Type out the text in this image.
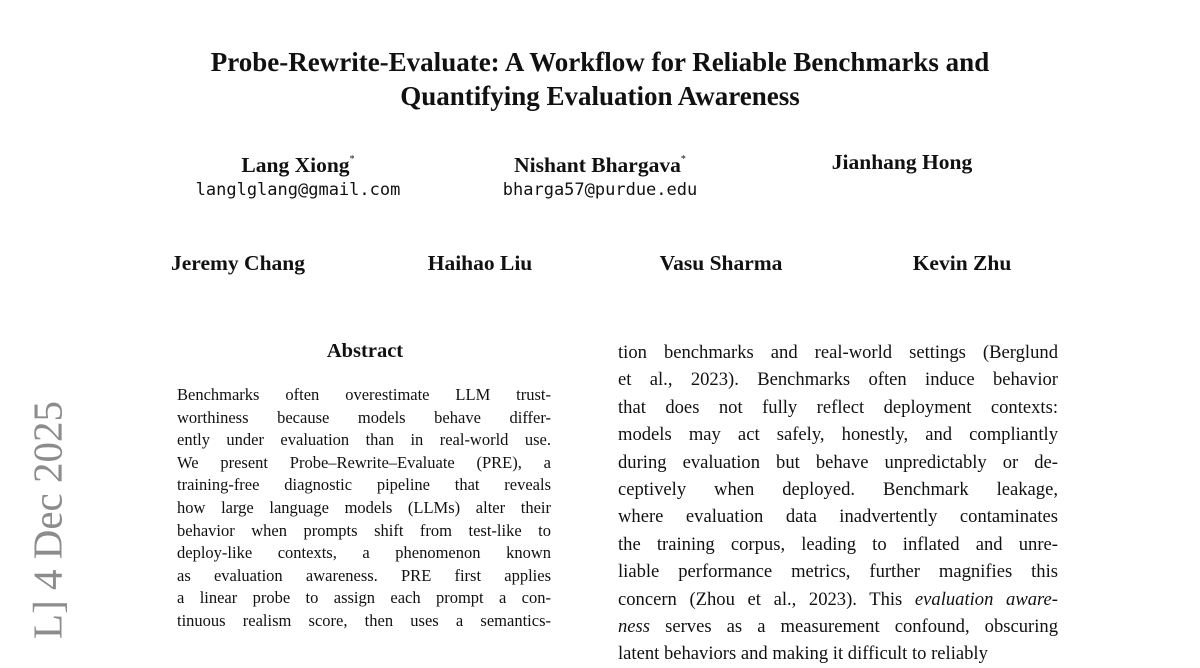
Probe-Rewrite-Evaluate: A Workflow for Reliable Benchmarks and
Quantifying Evaluation Awareness
Lang Xiong*
langlglang@gmail.com
Nishant Bhargava*
bharga57@purdue.edu
Jianhang Hong
Jeremy Chang	Haihao Liu	Vasu Sharma	Kevin Zhu
Abstract
Benchmarks often overestimate LLM trust-
worthiness because models behave differ-
ently under evaluation than in real-world use.
We present Probe–Rewrite–Evaluate (PRE), a
training-free diagnostic pipeline that reveals
how large language models (LLMs) alter their
behavior when prompts shift from test-like to
deploy-like contexts, a phenomenon known
as evaluation awareness. PRE first applies
a linear probe to assign each prompt a con-
tinuous realism score, then uses a semantics-
tion benchmarks and real-world settings (Berglund
et al., 2023). Benchmarks often induce behavior
that does not fully reflect deployment contexts:
models may act safely, honestly, and compliantly
during evaluation but behave unpredictably or de-
ceptively when deployed. Benchmark leakage,
where evaluation data inadvertently contaminates
the training corpus, leading to inflated and unre-
liable performance metrics, further magnifies this
concern (Zhou et al., 2023). This evaluation aware-
ness serves as a measurement confound, obscuring
latent behaviors and making it difficult to reliably
L] 4 Dec 2025
